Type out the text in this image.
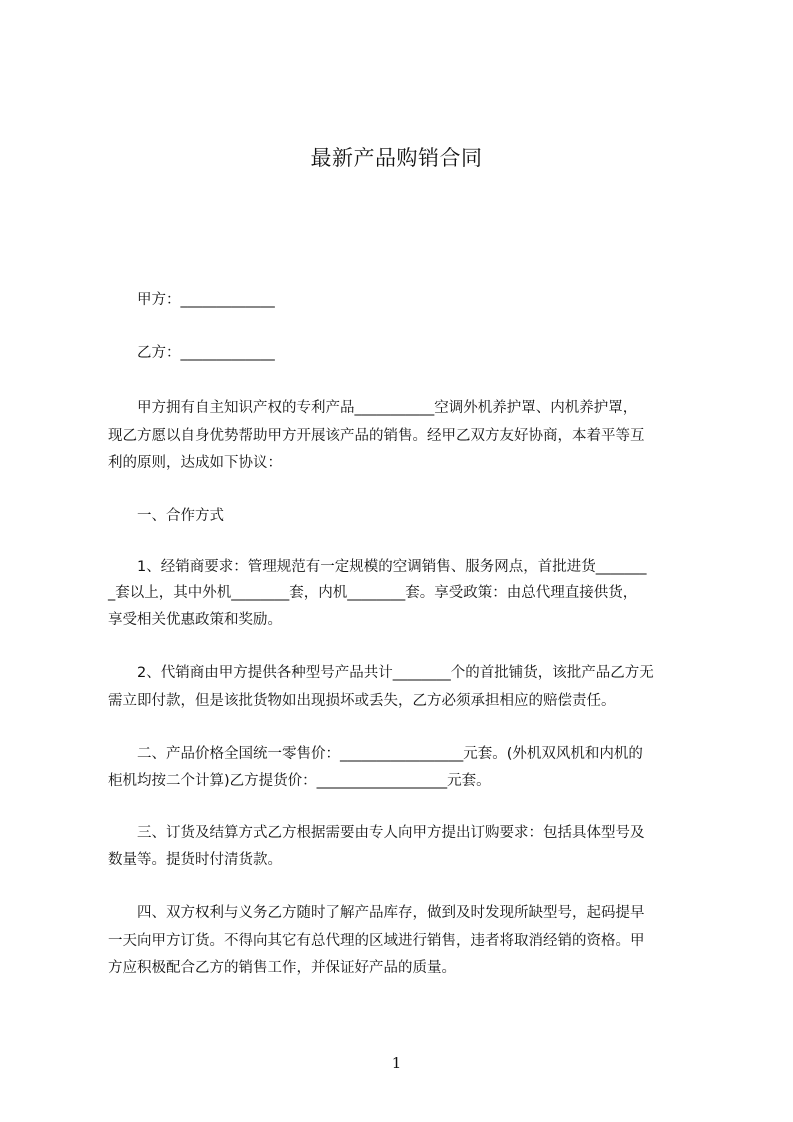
最新产品购销合同
　　甲方：_____________
　　乙方：_____________
　　甲方拥有自主知识产权的专利产品___________空调外机养护罩、内机养护罩，
现乙方愿以自身优势帮助甲方开展该产品的销售。经甲乙双方友好协商，本着平等互
利的原则，达成如下协议：
　　一、合作方式
　　1、经销商要求：管理规范有一定规模的空调销售、服务网点，首批进货_______
_套以上，其中外机________套，内机________套。享受政策：由总代理直接供货，
享受相关优惠政策和奖励。
　　2、代销商由甲方提供各种型号产品共计________个的首批铺货，该批产品乙方无
需立即付款，但是该批货物如出现损坏或丢失，乙方必须承担相应的赔偿责任。
　　二、产品价格全国统一零售价：_________________元套。(外机双风机和内机的
柜机均按二个计算)乙方提货价：__________________元套。
　　三、订货及结算方式乙方根据需要由专人向甲方提出订购要求：包括具体型号及
数量等。提货时付清货款。
　　四、双方权利与义务乙方随时了解产品库存，做到及时发现所缺型号，起码提早
一天向甲方订货。不得向其它有总代理的区域进行销售，违者将取消经销的资格。甲
方应积极配合乙方的销售工作，并保证好产品的质量。
1
